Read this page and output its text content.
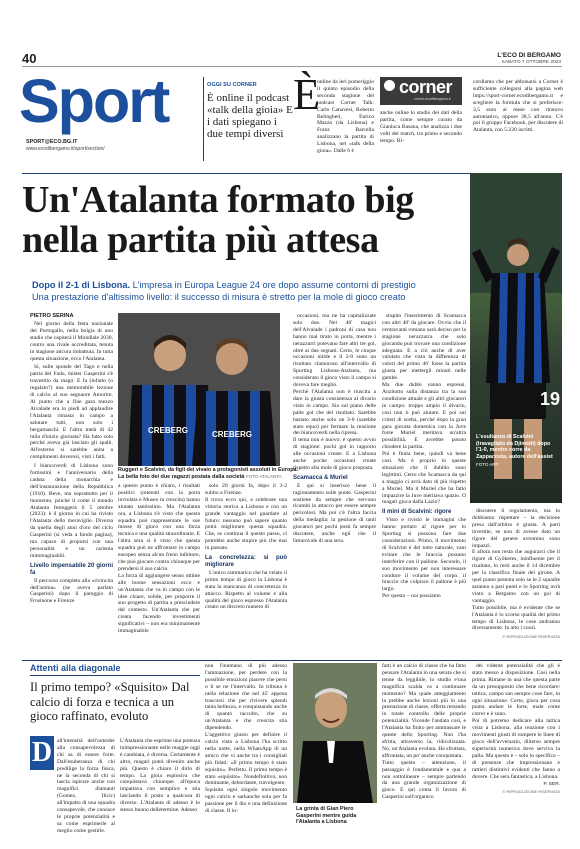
40	L'ECO DI BERGAMO
SABATO 7 OTTOBRE 2023
Sport
SPORT@ECO.BG.IT
www.ecodibergamo.it/sport/section/
OGGI SU CORNER
È online il podcast «talk della gioia» E i dati spiegano i due tempi diversi
È
online da ieri pomeriggio il quinto episodio della seconda stagione del podcast Corner Talk: Carlo Canavesi, Roberto Belingheri, Enrico Mazza (da Lisbona) e Franz Barcella analizzano la partita di Lisbona, nel «talk della gioia». Dalle 6 è
corner
corner.ecodibergamo.it
anche online lo studio dei dati della partita, come sempre curato da Gianluca Basana, che analizza i due volti del match, tra primo e secondo tempo. Ri-
cordiamo che per abbonarsi a Corner è sufficiente collegarsi alla pagina web https://sport-corner.ecodibergamo.it e scegliere la formula che si preferisce: 3,5 euro al mese con rinnovo automatico, oppure 38,5 all'anno. C'è poi il gruppo Facebook, per discutere di Atalanta, con 5.220 iscritti.
Un'Atalanta formato big nella partita più attesa
Dopo il 2-1 di Lisbona. L'impresa in Europa League 24 ore dopo assume contorni di prestigio
Una prestazione d'altissimo livello: il successo di misura è stretto per la mole di gioco creato
19
L'esultanza di Scalvini
(travagliato da Djimsiti) dopo l'1-0, mentre corre da Zappacosta, autore dell'assist
FOTO APP
PIETRO SERINA

Nel giorno della festa nazionale del Portogallo, nella bolgia di uno stadio che ospiterà il Mondiale 2030, contro una rivale accreditata, tenuta in stagione ancora imbattuta. In tutta questa situazione, ecco l'Atalanta.

Si, sulle sponde del Tago e nella patria del Fado, mister Gasperini s'è travestito da mago. E fa (infatto (o regalato?) una memorabile lezione di calcio al suo segnaore Amorim. Al punto che a fine gara mezzo Alvalade era in piedi ad applaudire l'Atalanta rimasta in campo a salutare tutti, non solo i bergamaschi. E l'altra metà di 42 mila d'inizio giornata? Ha fatto solo perché aveva già lasciato gli spalti. All'esterno si sarebbe anita a complimenti doverosi, visti i fatti.

I biancoverdi di Lisbona sono fortissimi e l'anniversario della caduta della monarchia e dell'instaurazione della Repubblica (1910). Beve, ma soprattutto per il momento, poiché il come il mondo Atalanta festeggerà il 5 ottobre (2023): è il giorno in cui ha rivisto l'Atalanta dello meraviglie. Diversa da quella degli anni d'oro del ciclo Gasperini (si veda a fondo pagina), ma capace di proporsi con una personalità e un carisma inimmaginabili.

Livello impensabile 20 giorni fa

Il percorso completo alla «rivincita dell'anima» (ne aveva parlato Gasperini) dopo il pareggio di Frosinone e Firenze

CREBERG	CREBERG
Ruggeri e Scalvini, da figli dei vivaio a protagonisti assoluti in Europa.
La bella foto dei due ragazzi postata dalla società FOTO ATALANTA
a questo punto è chiaro, i risultati positivi (ottenuti con la porta inviolata e Museo in crescita) hanno aiutato tantissimo. Ma l'Atalanta ora, a Lisbona s'è visto che questa squadra può rappresentare le sue mosse di gioco con una forza tecnica e una qualità straordinarie. E l'altra sera si è visto che questa squadra può ne affrontare in campo europeo senza alcun freno inibitore, che può giocare contro chiunque per prendersi il suo calcio.
La forza di aggiungere senso ottime alle buone sensazioni ecco e un'Atalanta che va in campo con le idee chiare, solide, per proporre il suo progetto di partita a prescindere dal contesto. Un'Atalanta che per creata facendo investimenti significativi – non era minimamente immaginabile

solo 20 giorni fa, dopo il 3-2 subito a Firenze.
Il trova ecco qui, a celebrare una vittoria storica a Lisbona e con un grande vantaggio nel guardare al futuro: nessuno può sapere quanto potrà migliorare questa squadra. Che, se continua il questo passo, ci potrebbe anche stupire più che mai in passato.

La concretezza: si può migliorare

L'unico rammarico che ha velato il primo tempo di gioco la Lisbona è stata la mancanza di concretezza in attacco. Rispetto al volume e alla qualità del gioco espresso l'Atalanta creato un discreto numero di

occasioni, ma ne ha capitalizzate solo due. Nei 46' magici dell'Alvalade i padroni di casa non hanno mai tirato in porta, mentre i nerazzurri potevano fare altri tre gol, oltre ai due segnati. Certo, le cinque occasioni nitide e il 2-0 sono un risultato clamoroso all'intervallo di Sporting Lisbona-Atalanta, ma considerato il gioco visto il campo si doveva fare meglio.
Perché l'Atalanta non è riuscita a dare la giusta consistenza al divario visto in campo. Sia sul piano delle palle gol che del risultato. Sarebbe bastato anche solo un 3-0 (sarebbe stato equo) per fermare la reazione dei biancoverdi nella ripresa.
Il tema non è nuovo: è questo avvio di stagione: pochi gol in rapporto alle occasioni create. E a Lisbona anche poche occasioni create rispetto alla mole di gioco proposta.

Scamacca & Muriel

E qui si inserisce bene il ragionamento sulle punte. Gasperini sostiene da sempre che servono ricambi in attacco per essere sempre pericolosi. Ma poi c'è l'altra faccia della medaglia: la gestione di tanti giocatori per pochi posti fa sempre discutere, anche egli che il fatturovale di una sera.

stupito l'inserimento di Scamacca con altri 40' da giocare. Ovvio che il centravanti romano sarà deciso per la stagione nerazzurra che solo giocando può trovare una condizione adeguata. E a ciò anche di aver valutato che vista la differenza di valori del primo 46' fosse la partita giusta per mettergli minuti nelle gambe.
Ma due dubbi vanno espressi. Anzitutto sulla distanza tra la sua condizione attuale e gli altri giocatori in campo: troppo ampio il divario, così non ti può aiutare. E poi sui criteri di scelta, perché dopo la gran gara giocata domenica con la Juve forse Muriel meritava un'altra possibilità. E avrebbe potuto chiudere la partita.
Poi è finita bene, quindi va bene così. Ma è proprio in queste situazioni che il dubbio sono legittimi. Certo che Scamacca da qui a maggio ci avrà dato di più rispetto a Muriel. Ma il Muriel che ha fatto impazzire la Juve meritava spazio. O magari gioca dalla Lazio?

Il mini di Scalvini: rigore

Visto e rivisto le immagini che hanno portato al rigore per lo Sporting si possono fare due considerazioni. Primo, il movimento di Scalvini è del tutto naturale, vani evitare che le braccia possano interferire con il pallone. Secondo, il suo movimento per non interessare conduce il volume del corpo. il braccio che colpisce il pallone è più largo.
Per questo – noi possiamo

discutere il regolamento, ma lo dobbiamo rispettare – la decisione presa dall'arbitro è giusta. A parti invertite, se non di avesse dato un rigore del genere avremmo sono impazzì.
E allora non resta che augurarci che il rigore di Gyökeres, ininfluente per il risultato, lo resti anche il 14 dicembre per la classifica finale del girone. A quel punto prenota solo se le 2 squadre saranno a pari punti e lo Sporting avrà vinto a Bergamo con un gol di vantaggio.
Tutto possibile, ma è evidente che se l'Atalanta è lo scorso qualità del primo tempo di Lisbona, le cose andranno diversamente. In alto i cuori.

© RIPRODUZIONE RISERVATA
Attenti alla diagonale
Il primo tempo? «Squisito» Dal calcio di forza e tecnica a un gioco raffinato, evoluto
D all'intensità dell'outsider alla consapevolezza di chi sa di essere forte. Dall'esuberanza di chi predilige la forza fisica, ne la seconda di chi si lascia ispirare anche con magnifici diamanti (Gomez, Ilicic) all'impatto di una squadra consapevole, che conosce le proprie potenzialità e sa come esprimerle al meglio come gestirle.
L'Atalanta che esprime una potenza inimpressionante nelle maggie oggi è cambiata, è diversa. Certamente è altro, magari potrà divenire anche più. Questo è chiaro il dirlo di tempo. La gioia esplosiva che conquistava chiunque all'epoca impattava con semplice e stia lasciando il posto a qualcosa di diverso. L'Atalanta di adesso è lo stesso buono delletermine. Adesso
non l'inumano di più adesso l'ammazione, per perdere con la possibile emozioni piacere che persi o li se ne l'intervallo. In tribuna è nella relazione che nel 45' appena trascorsi che per rivivere splendi tanta bellezza, e conquistando anche di quanto raccolto, che su un'Atalanta e che crescita stia dipendendo.
L'aggettivo giusto per definire il calcio visto a Lisbona l'ha scritto nella notte, nella WhatsApp di un amico che vi anche tra i consigliati più fidati: «Il primo tempo è stato squisito». Perfetto. Il primo tempo è stato «squisito». Nondefinitivo, non dominante, debordante, travolgente.
Squisito ogni singolo movimento ogni calcio e sarkanche sola per fa passione per il dio e una definizione di classe. Il in-	La grinta di Gian Piero Gasperini mentre guida l'Atalanta a Lisbona
fatti è un calcio di classe che ha fatto pensare l'Atalanta in una serata che si tenne da leggibile, lo studio e'una magnifica scalda va a continuare momento? Ma quale atteggiamento la prebbe anche lezioni più in una prestazione di classe, offerta restando in totale controllo delle proprie potenzialità. Vicende l'andata così, e l'Atalanta ha finito per ammassare le queste dello Sporting. Non l'ha sfritta, attraverso la, ridicolizzata. No, un'Atalanta evoluta. Ha sfruttata, affrontata, un po' anche conquistata.
Tutto questo – attenzione, il passaggio è fondamentale e qua a non sottolineare – sempre partendo da una grande organizzazione di gioco. E quì conta il lavoro di Gasperini sull'organico

dei vidente potenzialità che gli è stato messo a disposizione. Così nella prima. Rimane in una che questa parte da un presupposto che bene ricordare: tattica, campo san sempre cose fare, in ogni situazione. Certo, gioca per cosa punta andare le forte, male come correr e è sono.
Poi di potremo dedicare alla tattica vista a Lisbona, alla reazione con i movimenti giusti di rompere le linee di gioco dell'avversario, diiterso sempre superiorità numerica dove serviva la palla. Ma questo è – solo lo specifico – di presenze che impressionano e rattieri distintivi evidenti che fanno a dovere. Che sera fantastica, a Lisbona.

P. SER.
© RIPRODUZIONE RISERVATA
